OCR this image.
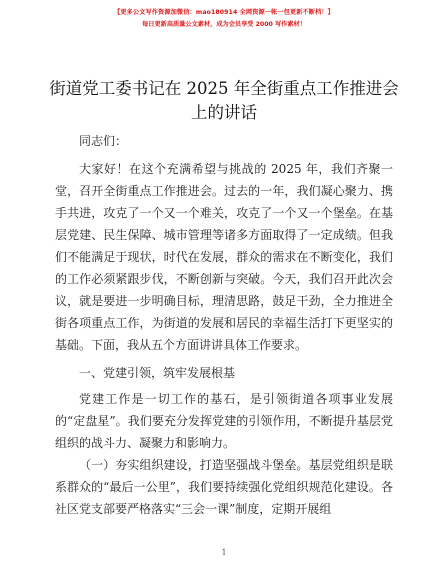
【更多公文写作资源加微信：mao180914 全网资源一帐一包更新不断档！】
每日更新高质量公文素材，成为会员享受 2000 写作素材！
街道党工委书记在 2025 年全街重点工作推进会
上的讲话

同志们：

大家好！在这个充满希望与挑战的 2025 年，我们齐聚一堂，召开全街重点工作推进会。过去的一年，我们凝心聚力、携手共进，攻克了一个又一个难关，攻克了一个又一个堡垒。在基层党建、民生保障、城市管理等诸多方面取得了一定成绩。但我们不能满足于现状，时代在发展，群众的需求在不断变化，我们的工作必须紧跟步伐，不断创新与突破。今天，我们召开此次会议，就是要进一步明确目标，理清思路，鼓足干劲，全力推进全街各项重点工作，为街道的发展和居民的幸福生活打下更坚实的基础。下面，我从五个方面讲讲具体工作要求。

一、党建引领，筑牢发展根基

党建工作是一切工作的基石，是引领街道各项事业发展的“定盘星”。我们要充分发挥党建的引领作用，不断提升基层党组织的战斗力、凝聚力和影响力。

（一）夯实组织建设，打造坚强战斗堡垒。基层党组织是联系群众的“最后一公里”，我们要持续强化党组织规范化建设。各社区党支部要严格落实“三会一课”制度，定期开展组

1
